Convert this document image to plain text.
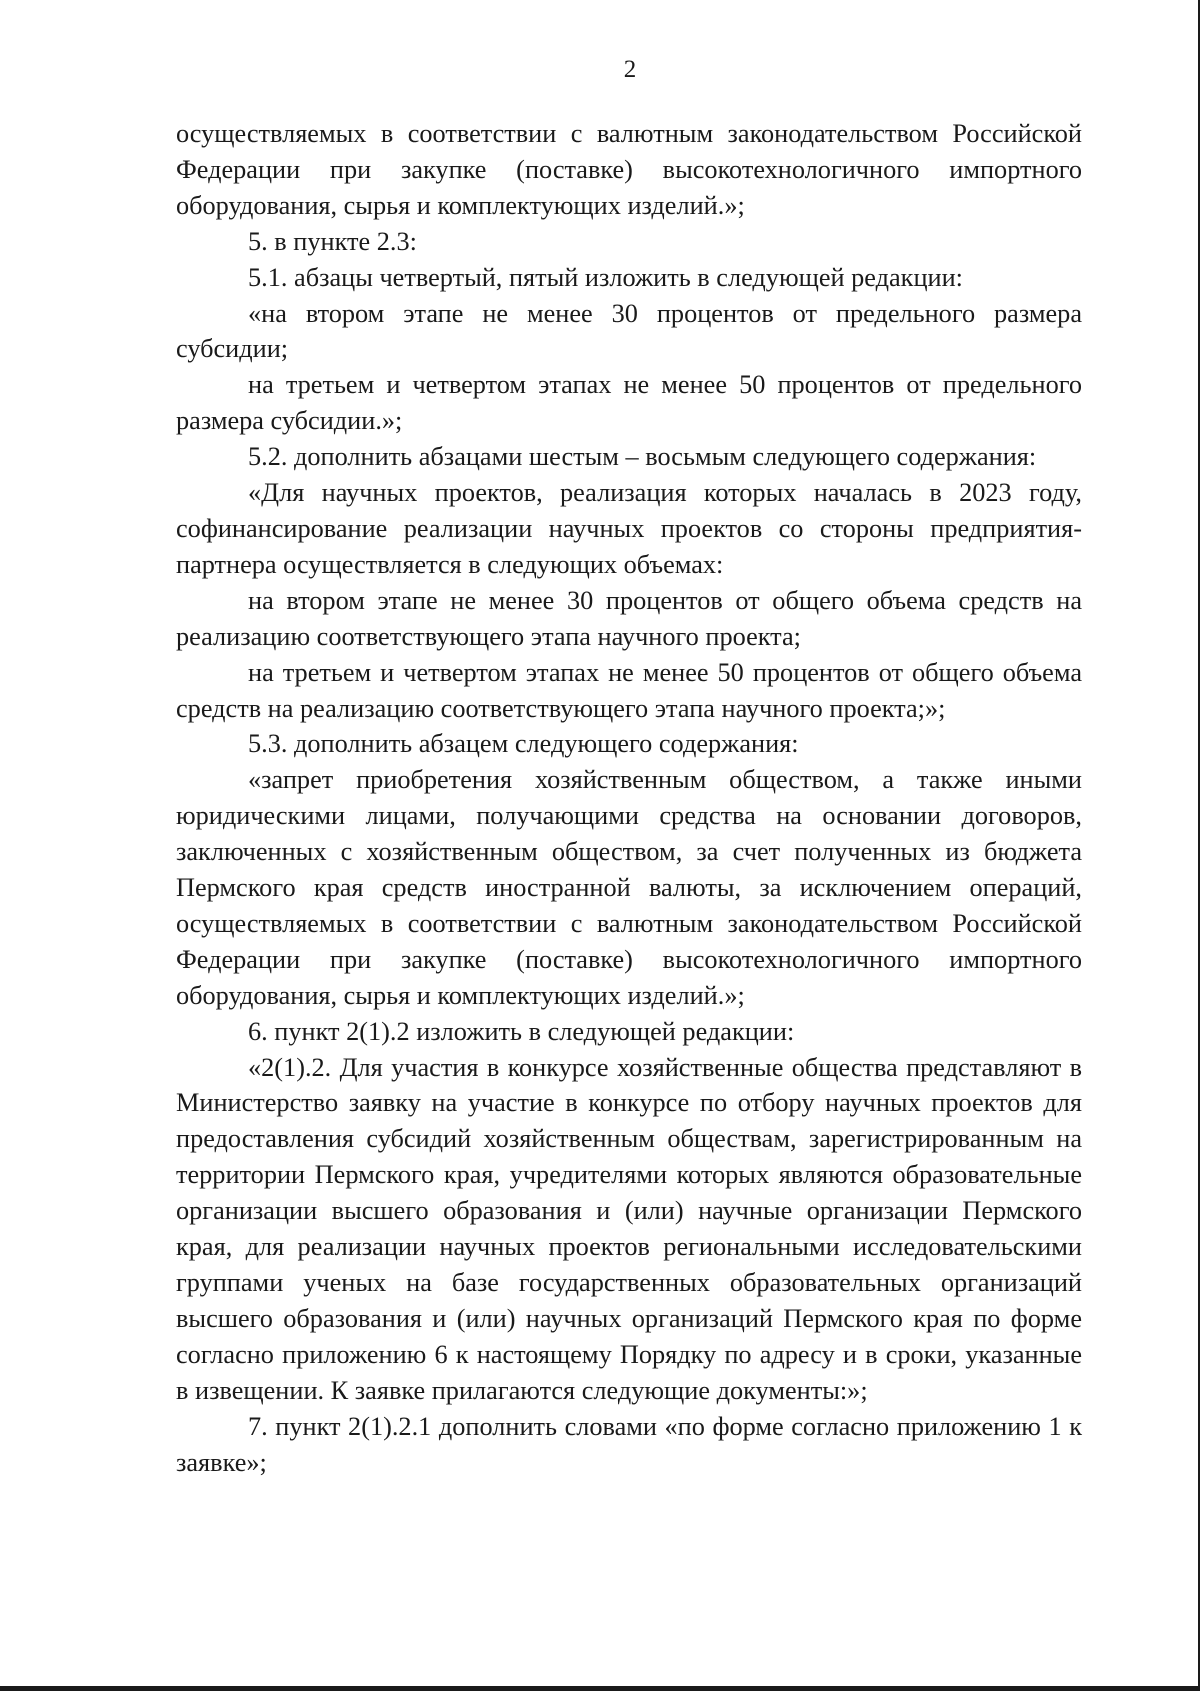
2

осуществляемых в соответствии с валютным законодательством Российской Федерации при закупке (поставке) высокотехнологичного импортного оборудования, сырья и комплектующих изделий.»;

5. в пункте 2.3:

5.1. абзацы четвертый, пятый изложить в следующей редакции:

«на втором этапе не менее 30 процентов от предельного размера субсидии;

на третьем и четвертом этапах не менее 50 процентов от предельного размера субсидии.»;

5.2. дополнить абзацами шестым – восьмым следующего содержания:

«Для научных проектов, реализация которых началась в 2023 году, софинансирование реализации научных проектов со стороны предприятия-партнера осуществляется в следующих объемах:

на втором этапе не менее 30 процентов от общего объема средств на реализацию соответствующего этапа научного проекта;

на третьем и четвертом этапах не менее 50 процентов от общего объема средств на реализацию соответствующего этапа научного проекта;»;

5.3. дополнить абзацем следующего содержания:

«запрет приобретения хозяйственным обществом, а также иными юридическими лицами, получающими средства на основании договоров, заключенных с хозяйственным обществом, за счет полученных из бюджета Пермского края средств иностранной валюты, за исключением операций, осуществляемых в соответствии с валютным законодательством Российской Федерации при закупке (поставке) высокотехнологичного импортного оборудования, сырья и комплектующих изделий.»;

6. пункт 2(1).2 изложить в следующей редакции:

«2(1).2. Для участия в конкурсе хозяйственные общества представляют в Министерство заявку на участие в конкурсе по отбору научных проектов для предоставления субсидий хозяйственным обществам, зарегистрированным на территории Пермского края, учредителями которых являются образовательные организации высшего образования и (или) научные организации Пермского края, для реализации научных проектов региональными исследовательскими группами ученых на базе государственных образовательных организаций высшего образования и (или) научных организаций Пермского края по форме согласно приложению 6 к настоящему Порядку по адресу и в сроки, указанные в извещении. К заявке прилагаются следующие документы:»;

7. пункт 2(1).2.1 дополнить словами «по форме согласно приложению 1 к заявке»;
